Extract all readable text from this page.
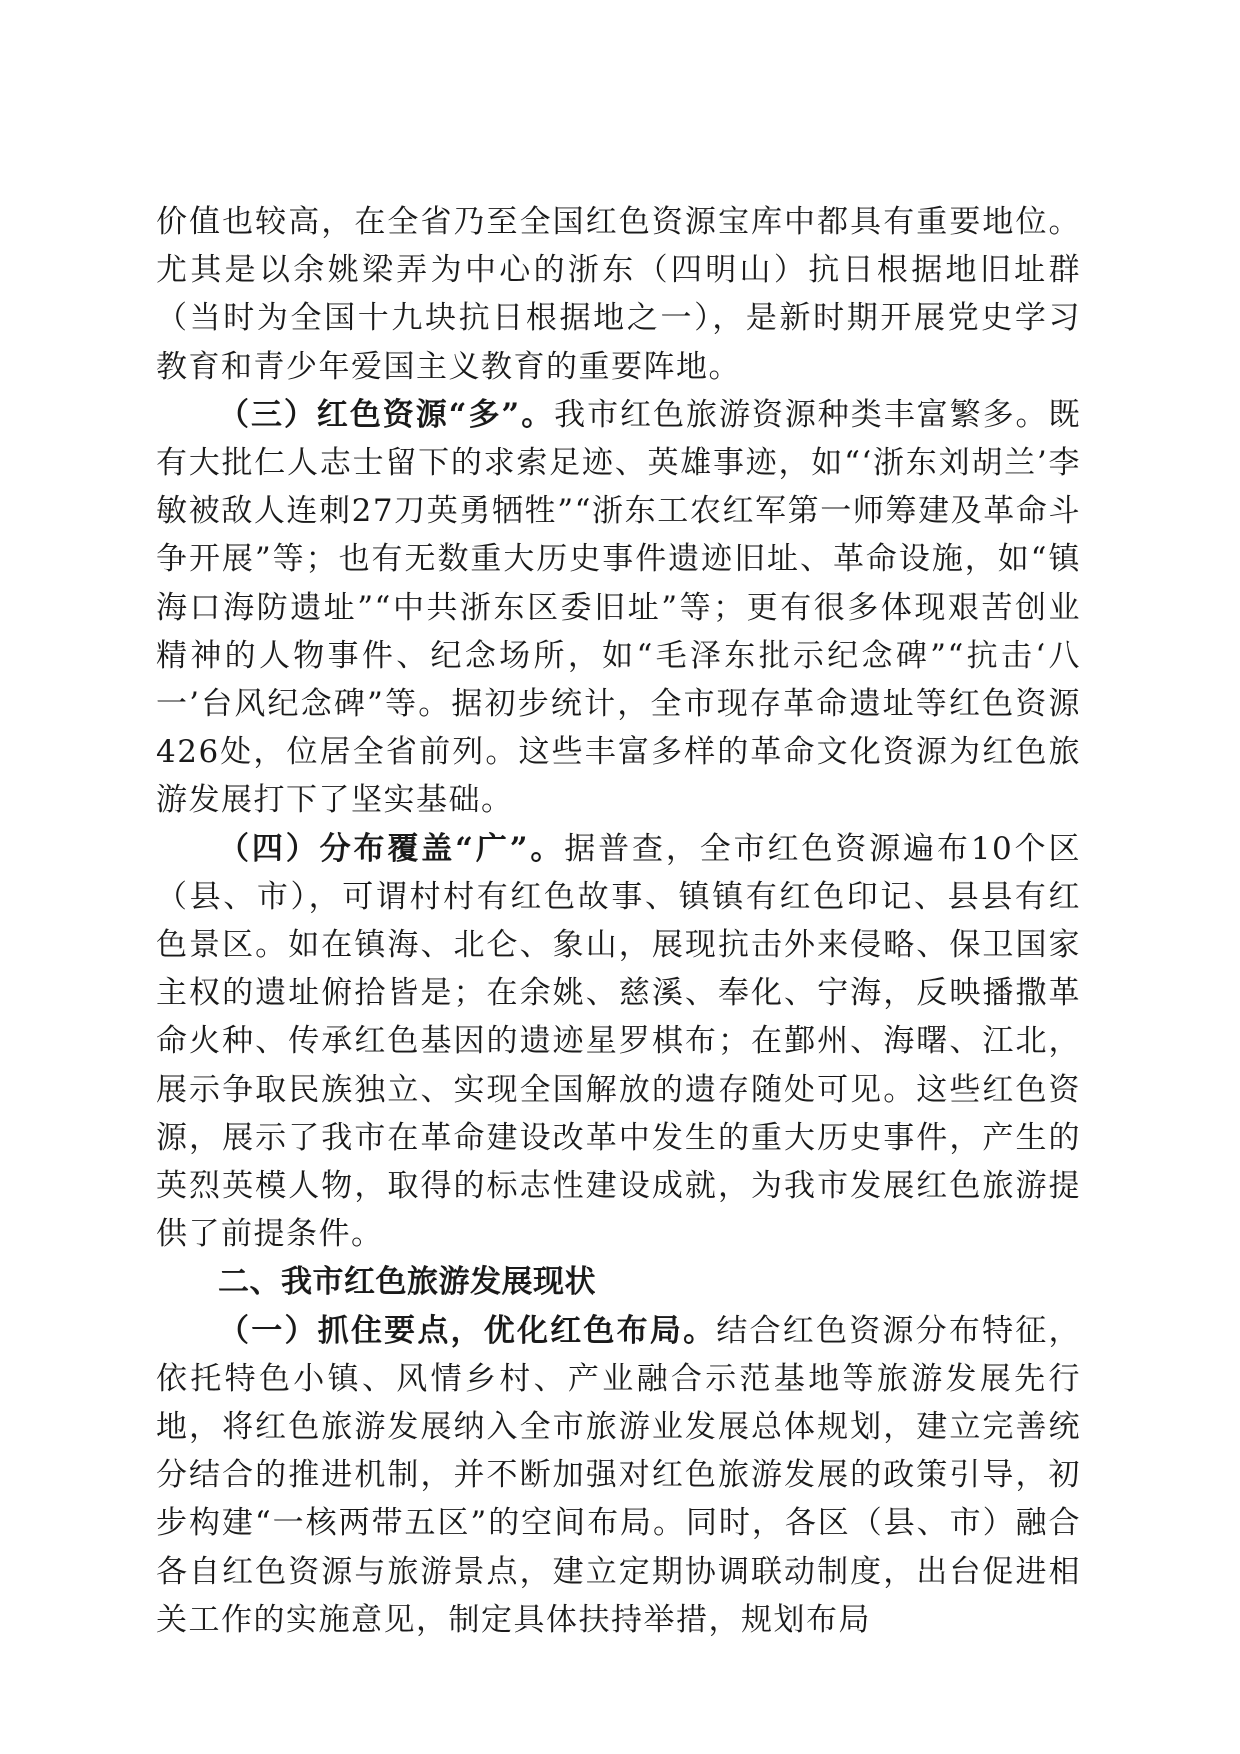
价值也较高，在全省乃至全国红色资源宝库中都具有重要地位。尤其是以余姚梁弄为中心的浙东（四明山）抗日根据地旧址群（当时为全国十九块抗日根据地之一），是新时期开展党史学习教育和青少年爱国主义教育的重要阵地。

（三）红色资源“多”。我市红色旅游资源种类丰富繁多。既有大批仁人志士留下的求索足迹、英雄事迹，如“‘浙东刘胡兰’李敏被敌人连刺27刀英勇牺牲”“浙东工农红军第一师筹建及革命斗争开展”等；也有无数重大历史事件遗迹旧址、革命设施，如“镇海口海防遗址”“中共浙东区委旧址”等；更有很多体现艰苦创业精神的人物事件、纪念场所，如“毛泽东批示纪念碑”“抗击‘八一’台风纪念碑”等。据初步统计，全市现存革命遗址等红色资源426处，位居全省前列。这些丰富多样的革命文化资源为红色旅游发展打下了坚实基础。

（四）分布覆盖“广”。据普查，全市红色资源遍布10个区（县、市），可谓村村有红色故事、镇镇有红色印记、县县有红色景区。如在镇海、北仑、象山，展现抗击外来侵略、保卫国家主权的遗址俯拾皆是；在余姚、慈溪、奉化、宁海，反映播撒革命火种、传承红色基因的遗迹星罗棋布；在鄞州、海曙、江北，展示争取民族独立、实现全国解放的遗存随处可见。这些红色资源，展示了我市在革命建设改革中发生的重大历史事件，产生的英烈英模人物，取得的标志性建设成就，为我市发展红色旅游提供了前提条件。

二、我市红色旅游发展现状

（一）抓住要点，优化红色布局。结合红色资源分布特征，依托特色小镇、风情乡村、产业融合示范基地等旅游发展先行地，将红色旅游发展纳入全市旅游业发展总体规划，建立完善统分结合的推进机制，并不断加强对红色旅游发展的政策引导，初步构建“一核两带五区”的空间布局。同时，各区（县、市）融合各自红色资源与旅游景点，建立定期协调联动制度，出台促进相关工作的实施意见，制定具体扶持举措，规划布局
